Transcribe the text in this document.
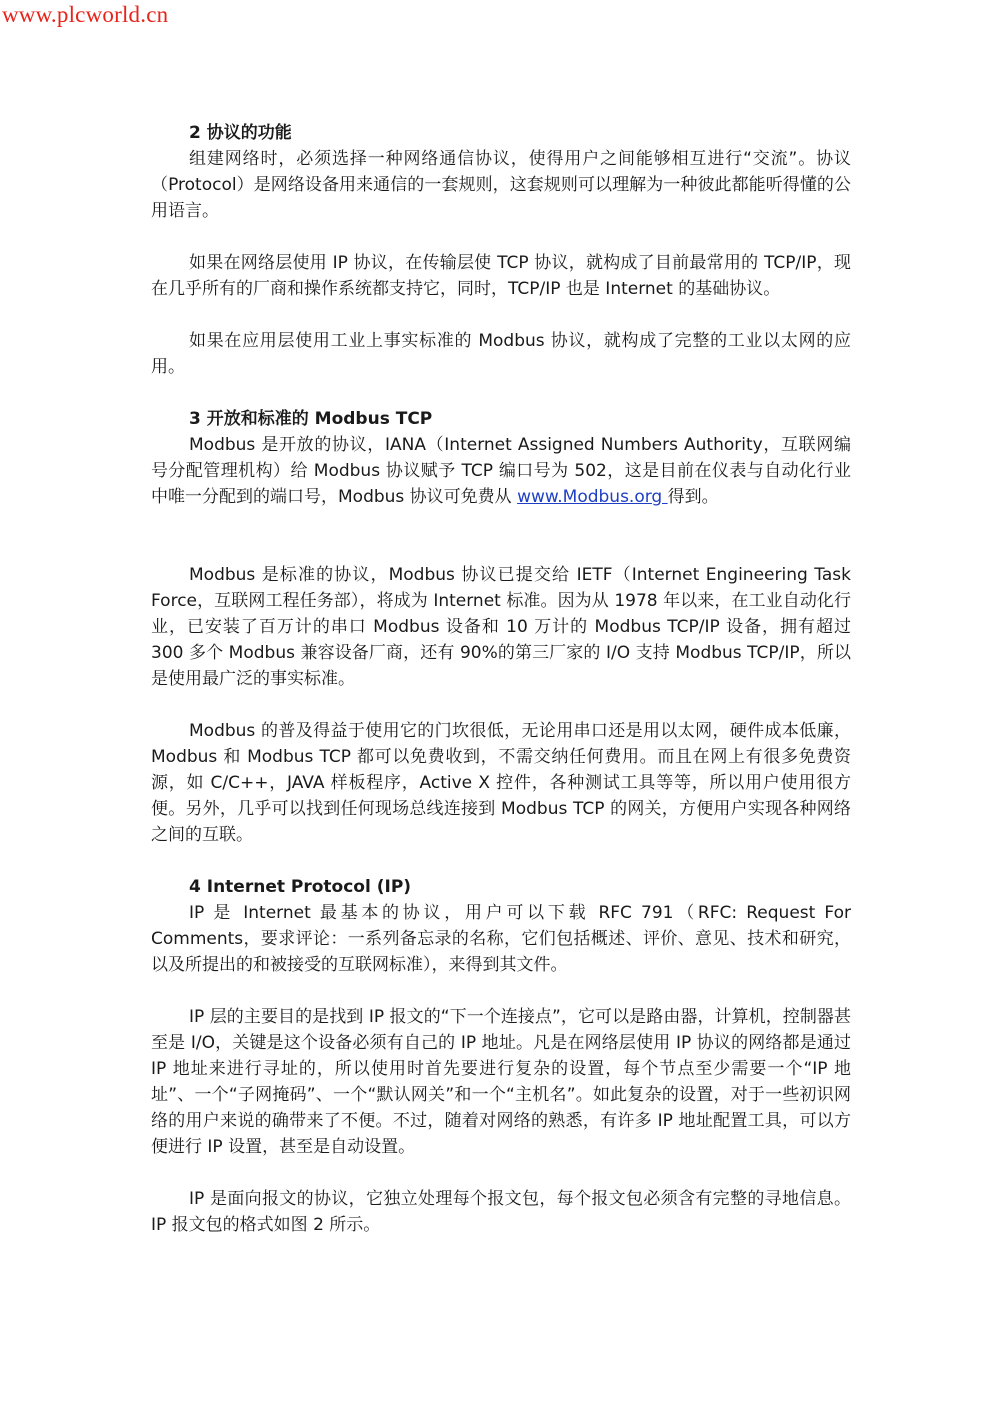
www.plcworld.cn
2 协议的功能

组建网络时，必须选择一种网络通信协议，使得用户之间能够相互进行“交流”。协议（Protocol）是网络设备用来通信的一套规则，这套规则可以理解为一种彼此都能听得懂的公用语言。

如果在网络层使用 IP 协议，在传输层使 TCP 协议，就构成了目前最常用的 TCP/IP，现在几乎所有的厂商和操作系统都支持它，同时，TCP/IP 也是 Internet 的基础协议。

如果在应用层使用工业上事实标准的 Modbus 协议，就构成了完整的工业以太网的应用。

3 开放和标准的 Modbus TCP

Modbus 是开放的协议，IANA（Internet Assigned Numbers Authority，互联网编号分配管理机构）给 Modbus 协议赋予 TCP 编口号为 502，这是目前在仪表与自动化行业中唯一分配到的端口号，Modbus 协议可免费从 www.Modbus.org 得到。

Modbus 是标准的协议，Modbus 协议已提交给 IETF（Internet Engineering Task Force，互联网工程任务部），将成为 Internet 标准。因为从 1978 年以来，在工业自动化行业，已安装了百万计的串口 Modbus 设备和 10 万计的 Modbus TCP/IP 设备，拥有超过 300 多个 Modbus 兼容设备厂商，还有 90%的第三厂家的 I/O 支持 Modbus TCP/IP，所以是使用最广泛的事实标准。

Modbus 的普及得益于使用它的门坎很低，无论用串口还是用以太网，硬件成本低廉，Modbus 和 Modbus TCP 都可以免费收到，不需交纳任何费用。而且在网上有很多免费资源，如 C/C++，JAVA 样板程序，Active X 控件，各种测试工具等等，所以用户使用很方便。另外，几乎可以找到任何现场总线连接到 Modbus TCP 的网关，方便用户实现各种网络之间的互联。

4 Internet Protocol (IP)

IP 是 Internet 最基本的协议，用户可以下载 RFC 791（RFC: Request For Comments，要求评论：一系列备忘录的名称，它们包括概述、评价、意见、技术和研究，以及所提出的和被接受的互联网标准），来得到其文件。

IP 层的主要目的是找到 IP 报文的“下一个连接点”，它可以是路由器，计算机，控制器甚至是 I/O，关键是这个设备必须有自己的 IP 地址。凡是在网络层使用 IP 协议的网络都是通过 IP 地址来进行寻址的，所以使用时首先要进行复杂的设置，每个节点至少需要一个“IP 地址”、一个“子网掩码”、一个“默认网关”和一个“主机名”。如此复杂的设置，对于一些初识网络的用户来说的确带来了不便。不过，随着对网络的熟悉，有许多 IP 地址配置工具，可以方便进行 IP 设置，甚至是自动设置。

IP 是面向报文的协议，它独立处理每个报文包，每个报文包必须含有完整的寻地信息。IP 报文包的格式如图 2 所示。
